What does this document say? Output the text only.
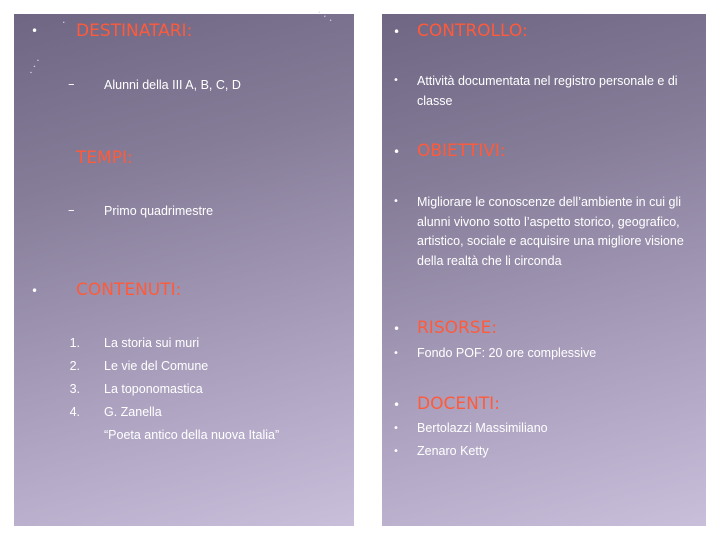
·	· · ·
· · ·
• DESTINATARI:
– Alunni della III A, B, C, D
TEMPI:
– Primo quadrimestre
• CONTENUTI:
1. La storia sui muri
2. Le vie del Comune
3. La toponomastica
4. G. Zanella
“Poeta antico della nuova Italia”
• CONTROLLO:
• Attività documentata nel registro personale e di classe
• OBIETTIVI:
• Migliorare le conoscenze dell’ambiente in cui gli alunni vivono sotto l’aspetto storico, geografico, artistico, sociale e acquisire una migliore visione della realtà che li circonda
• RISORSE:
• Fondo POF: 20 ore complessive
• DOCENTI:
• Bertolazzi Massimiliano
• Zenaro Ketty
